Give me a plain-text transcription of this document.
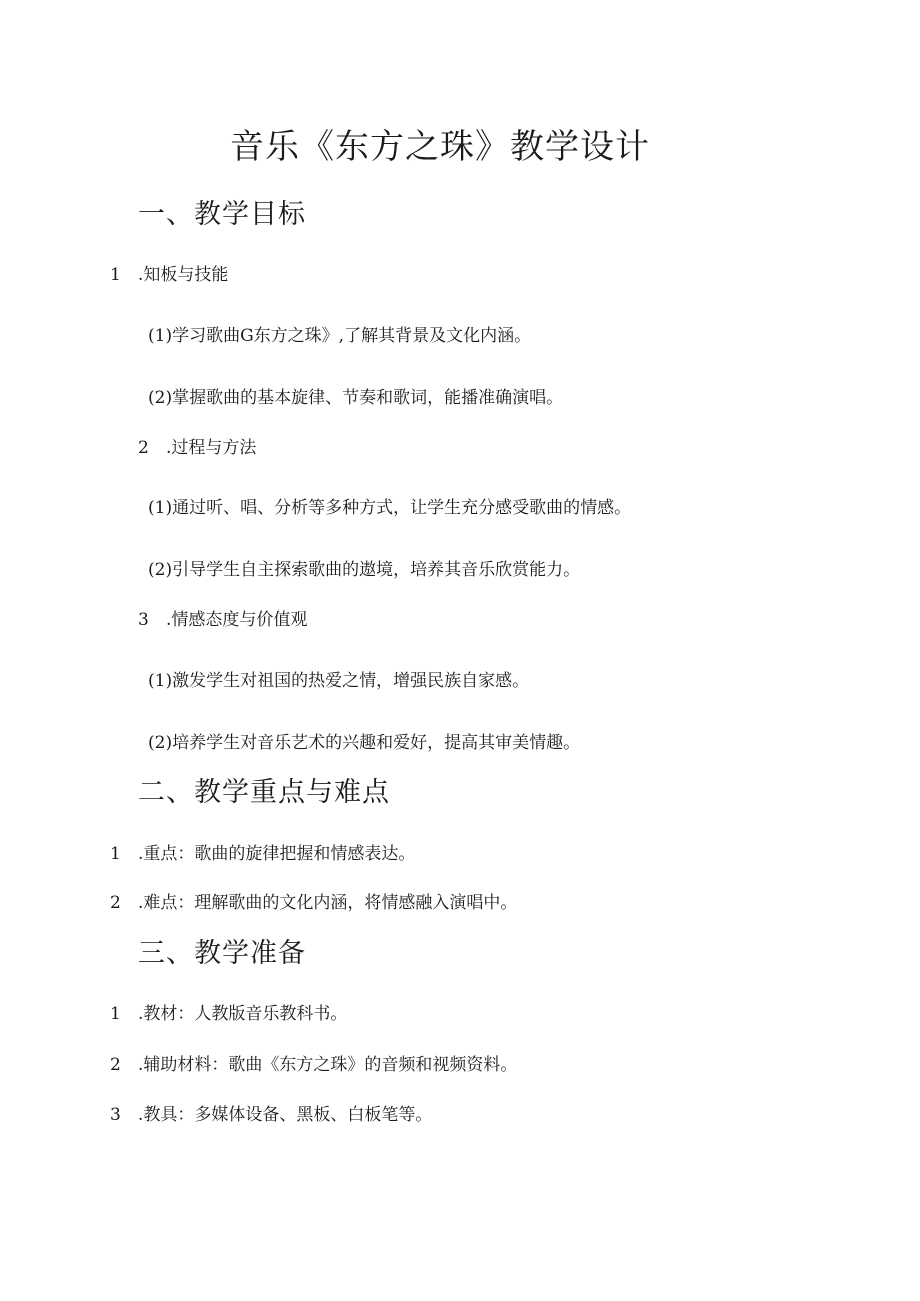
音乐《东方之珠》教学设计
一、教学目标
1 .知板与技能
(1)学习歌曲G东方之珠》,了解其背景及文化内涵。
(2)掌握歌曲的基本旋律、节奏和歌词，能播准确演唱。
2 .过程与方法
(1)通过听、唱、分析等多种方式，让学生充分感受歌曲的情感。
(2)引导学生自主探索歌曲的遨境，培养其音乐欣赏能力。
3 .情感态度与价值观
(1)激发学生对祖国的热爱之情，增强民族自家感。
(2)培养学生对音乐艺术的兴趣和爱好，提高其审美情趣。
二、教学重点与难点
1 .重点：歌曲的旋律把握和情感表达。
2 .难点：理解歌曲的文化内涵，将情感融入演唱中。
三、教学准备
1 .教材：人教版音乐教科书。
2 .辅助材料：歌曲《东方之珠》的音频和视频资料。
3 .教具：多媒体设备、黑板、白板笔等。
